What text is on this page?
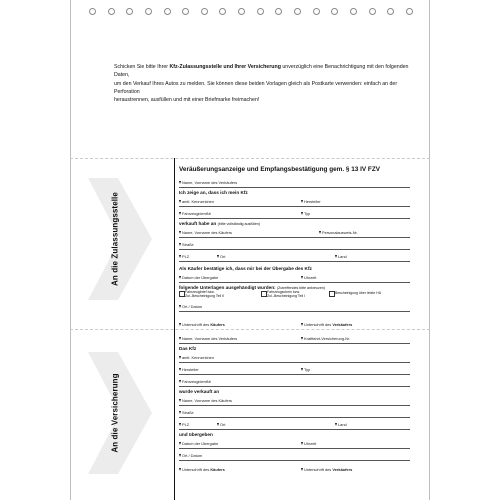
Schicken Sie bitte Ihrer Kfz-Zulassungsstelle und Ihrer Versicherung unverzüglich eine Benachrichtigung mit den folgenden Daten,
um den Verkauf Ihres Autos zu melden. Sie können diese beiden Vorlagen gleich als Postkarte verwenden: einfach an der Perforation
heraustrennen, ausfüllen und mit einer Briefmarke freimachen!
An die Zulassungsstelle
An die Versicherung
Veräußerungsanzeige und Empfangsbestätigung gem. § 13 IV FZV
Name, Vorname des Verkäufers
Ich zeige an, dass ich mein Kfz
amtl. Kennzeichen	Hersteller
FahrzeugidentNr	Typ
verkauft habe an (bitte vollständig ausfüllen)
Name, Vorname des Käufers	Personalausweis-Nr.
Straße
PLZ	Ort	Land
Als Käufer bestätige ich, dass mir bei der Übergabe des Kfz
Datum der Übergabe	Uhrzeit
folgende Unterlagen ausgehändigt wurden: (Zutreffendes bitte ankreuzen)
Fahrzeugbrief bzw.
Zul.-Bescheinigung Teil II
Fahrzeugschein bzw.
Zul.-Bescheinigung Teil I
Bescheinigung über letzte HU
Ort / Datum
Unterschrift des Käufers	Unterschrift des Verkäufers
Name, Vorname des Verkäufers	Kraftfahrt-Versicherung-Nr.
Das Kfz
amtl. Kennzeichen
Hersteller	Typ
FahrzeugidentNr
wurde verkauft an
Name, Vorname des Käufers
Straße
PLZ	Ort	Land
und übergeben
Datum der Übergabe	Uhrzeit
Ort / Datum
Unterschrift des Käufers	Unterschrift des Verkäufers
